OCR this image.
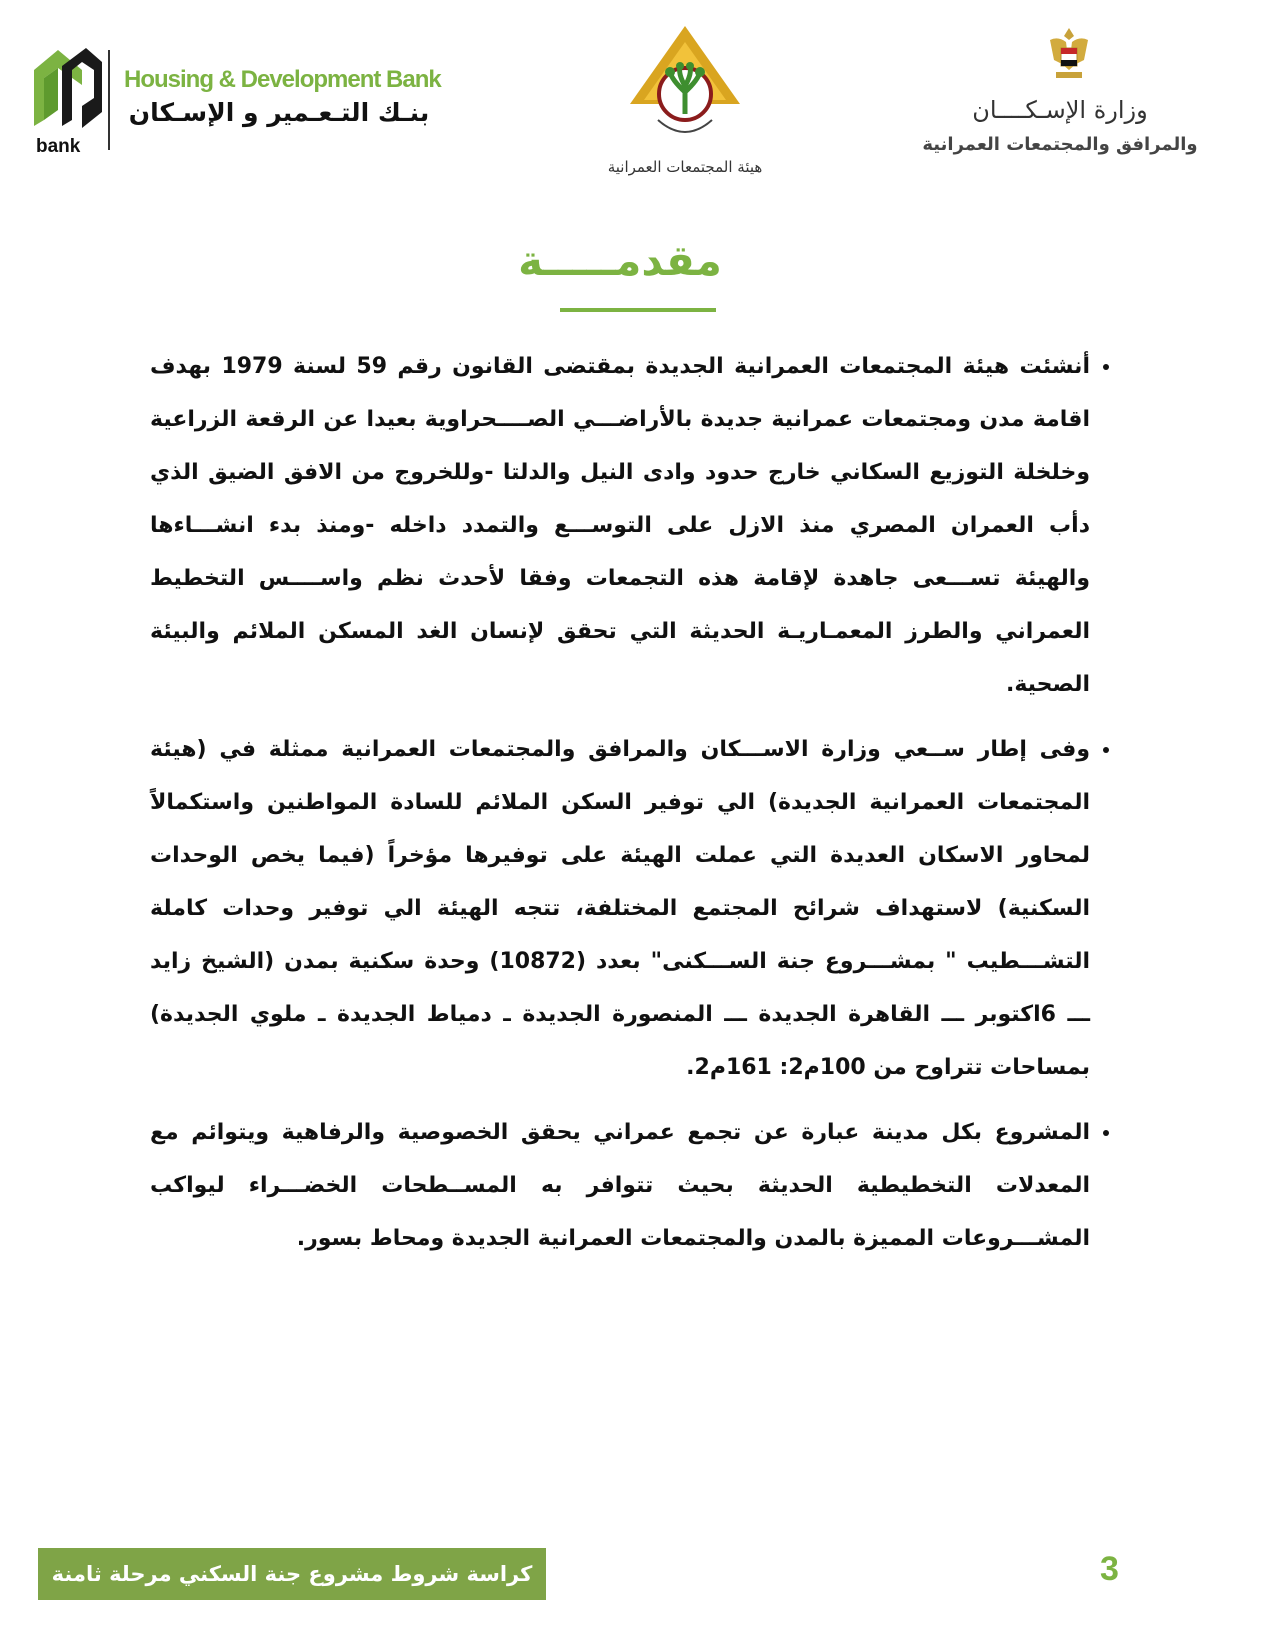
bank
Housing & Development Bank
بنـك التـعـمير و الإسـكان
هيئة المجتمعات العمرانية
وزارة الإسـكــــان
والمرافق والمجتمعات العمرانية
مقدمـــــة
• أنشئت هيئة المجتمعات العمرانية الجديدة بمقتضى القانون رقم 59 لسنة 1979 بهدف اقامة مدن ومجتمعات عمرانية جديدة بالأراضـــي الصــــحراوية بعيدا عن الرقعة الزراعية وخلخلة التوزيع السكاني خارج حدود وادى النيل والدلتا -وللخروج من الافق الضيق الذي دأب العمران المصري منذ الازل على التوســـع والتمدد داخله -ومنذ بدء انشـــاءها والهيئة تســـعى جاهدة لإقامة هذه التجمعات وفقا لأحدث نظم واســــس التخطيط العمراني والطرز المعمـاريـة الحديثة التي تحقق لإنسان الغد المسكن الملائم والبيئة الصحية.
• وفى إطار ســعي وزارة الاســـكان والمرافق والمجتمعات العمرانية ممثلة في (هيئة المجتمعات العمرانية الجديدة) الي توفير السكن الملائم للسادة المواطنين واستكمالاً لمحاور الاسكان العديدة التي عملت الهيئة على توفيرها مؤخراً (فيما يخص الوحدات السكنية) لاستهداف شرائح المجتمع المختلفة، تتجه الهيئة الي توفير وحدات كاملة التشـــطيب " بمشـــروع جنة الســـكنى" بعدد (10872) وحدة سكنية بمدن (الشيخ زايد ـــ 6اكتوبر ـــ القاهرة الجديدة ـــ المنصورة الجديدة ـ دمياط الجديدة ـ ملوي الجديدة) بمساحات تتراوح من 100م2: 161م2.
• المشروع بكل مدينة عبارة عن تجمع عمراني يحقق الخصوصية والرفاهية ويتوائم مع المعدلات التخطيطية الحديثة بحيث تتوافر به المســطحات الخضـــراء ليواكب المشـــروعات المميزة بالمدن والمجتمعات العمرانية الجديدة ومحاط بسور.
كراسة شروط مشروع جنة السكني مرحلة ثامنة	3
